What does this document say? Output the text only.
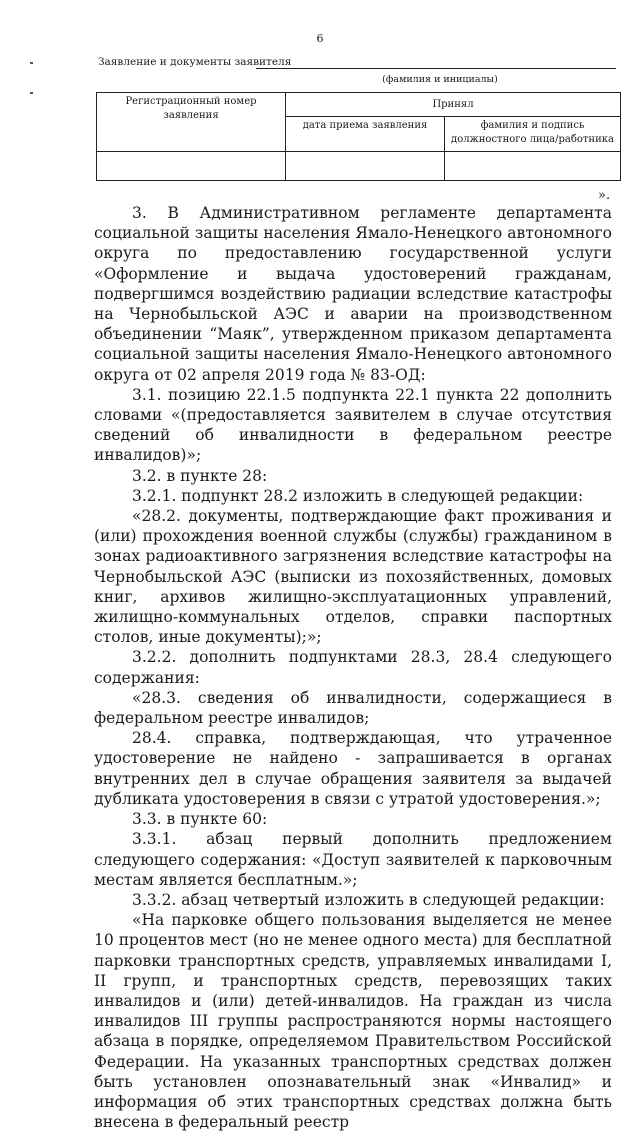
6
Заявление и документы заявителя
(фамилия и инициалы)
Регистрационный номер заявления	Принял	
	дата приема заявления	фамилия и подпись должностного лица/работника

».

3. В Административном регламенте департамента социальной защиты населения Ямало-Ненецкого автономного округа по предоставлению государственной услуги «Оформление и выдача удостоверений гражданам, подвергшимся воздействию радиации вследствие катастрофы на Чернобыльской АЭС и аварии на производственном объединении “Маяк”, утвержденном приказом департамента социальной защиты населения Ямало-Ненецкого автономного округа от 02 апреля 2019 года № 83-ОД:

3.1. позицию 22.1.5 подпункта 22.1 пункта 22 дополнить словами «(предоставляется заявителем в случае отсутствия сведений об инвалидности в федеральном реестре инвалидов)»;

3.2. в пункте 28:

3.2.1. подпункт 28.2 изложить в следующей редакции:

«28.2. документы, подтверждающие факт проживания и (или) прохождения военной службы (службы) гражданином в зонах радиоактивного загрязнения вследствие катастрофы на Чернобыльской АЭС (выписки из похозяйственных, домовых книг, архивов жилищно-эксплуатационных управлений, жилищно-коммунальных отделов, справки паспортных столов, иные документы);»;

3.2.2. дополнить подпунктами 28.3, 28.4 следующего содержания:

«28.3. сведения об инвалидности, содержащиеся в федеральном реестре инвалидов;

28.4. справка, подтверждающая, что утраченное удостоверение не найдено - запрашивается в органах внутренних дел в случае обращения заявителя за выдачей дубликата удостоверения в связи с утратой удостоверения.»;

3.3. в пункте 60:

3.3.1. абзац первый дополнить предложением следующего содержания: «Доступ заявителей к парковочным местам является бесплатным.»;

3.3.2. абзац четвертый изложить в следующей редакции:

«На парковке общего пользования выделяется не менее 10 процентов мест (но не менее одного места) для бесплатной парковки транспортных средств, управляемых инвалидами I, II групп, и транспортных средств, перевозящих таких инвалидов и (или) детей-инвалидов. На граждан из числа инвалидов III группы распространяются нормы настоящего абзаца в порядке, определяемом Правительством Российской Федерации. На указанных транспортных средствах должен быть установлен опознавательный знак «Инвалид» и информация об этих транспортных средствах должна быть внесена в федеральный реестр
